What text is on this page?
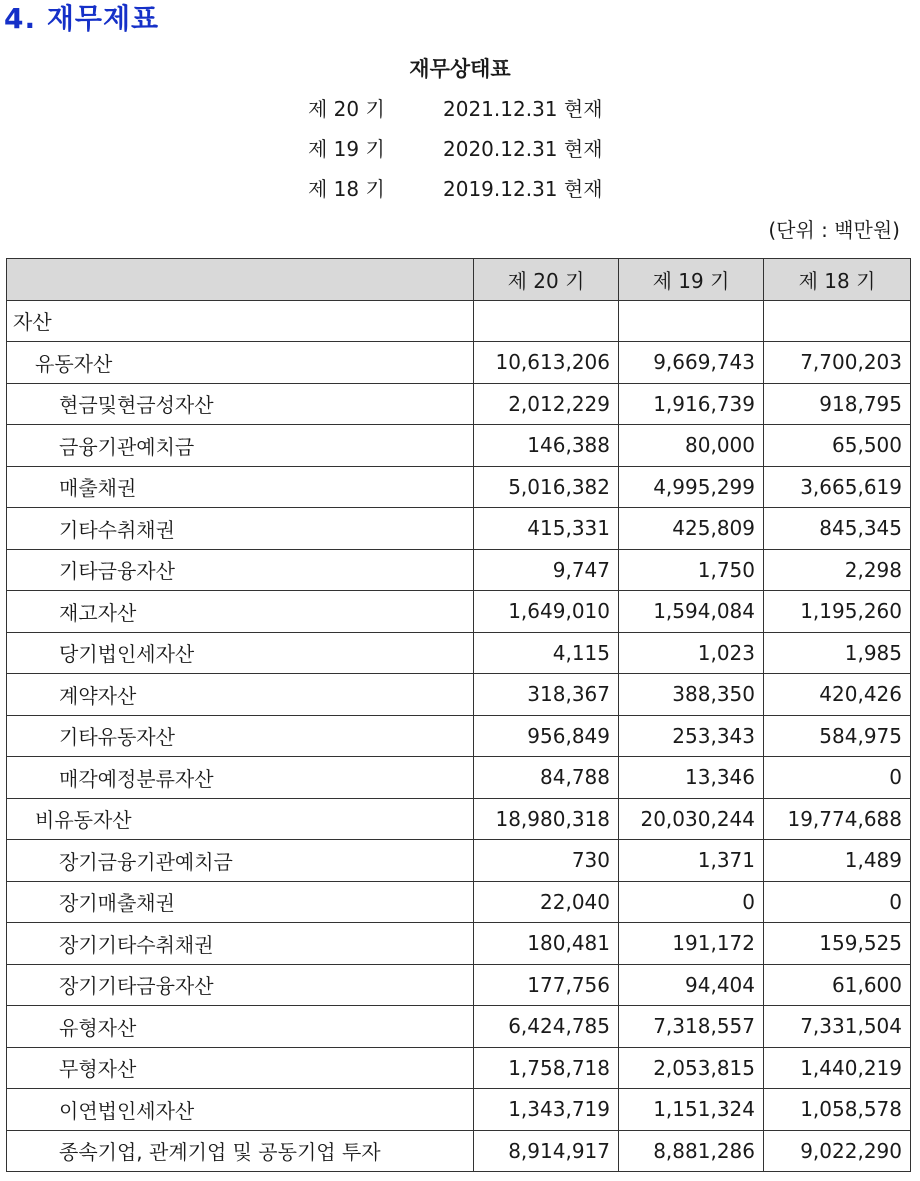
4. 재무제표
재무상태표
제 20 기	2021.12.31 현재
제 19 기	2020.12.31 현재
제 18 기	2019.12.31 현재
(단위 : 백만원)
	제 20 기	제 19 기	제 18 기
자산			
유동자산	10,613,206	9,669,743	7,700,203
현금및현금성자산	2,012,229	1,916,739	918,795
금융기관예치금	146,388	80,000	65,500
매출채권	5,016,382	4,995,299	3,665,619
기타수취채권	415,331	425,809	845,345
기타금융자산	9,747	1,750	2,298
재고자산	1,649,010	1,594,084	1,195,260
당기법인세자산	4,115	1,023	1,985
계약자산	318,367	388,350	420,426
기타유동자산	956,849	253,343	584,975
매각예정분류자산	84,788	13,346	0
비유동자산	18,980,318	20,030,244	19,774,688
장기금융기관예치금	730	1,371	1,489
장기매출채권	22,040	0	0
장기기타수취채권	180,481	191,172	159,525
장기기타금융자산	177,756	94,404	61,600
유형자산	6,424,785	7,318,557	7,331,504
무형자산	1,758,718	2,053,815	1,440,219
이연법인세자산	1,343,719	1,151,324	1,058,578
종속기업, 관계기업 및 공동기업 투자	8,914,917	8,881,286	9,022,290
